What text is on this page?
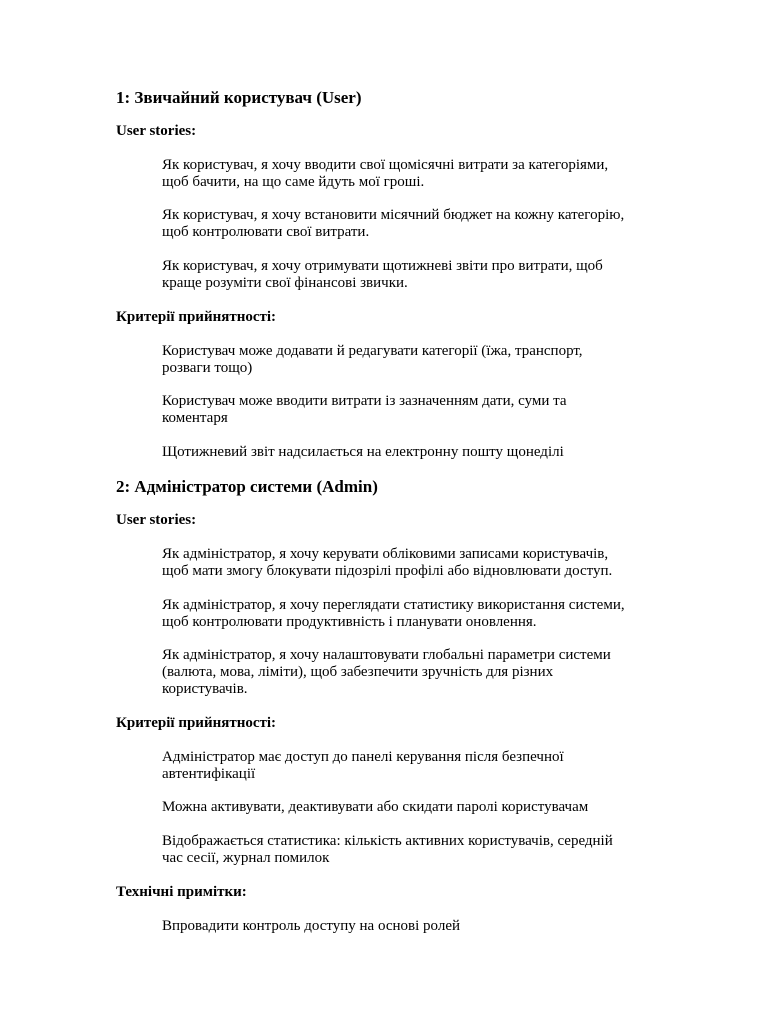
1: Звичайний користувач (User)
User stories:
Як користувач, я хочу вводити свої щомісячні витрати за категоріями,
щоб бачити, на що саме йдуть мої гроші.
Як користувач, я хочу встановити місячний бюджет на кожну категорію,
щоб контролювати свої витрати.
Як користувач, я хочу отримувати щотижневі звіти про витрати, щоб
краще розуміти свої фінансові звички.
Критерії прийнятності:
Користувач може додавати й редагувати категорії (їжа, транспорт,
розваги тощо)
Користувач може вводити витрати із зазначенням дати, суми та
коментаря
Щотижневий звіт надсилається на електронну пошту щонеділі
2: Адміністратор системи (Admin)
User stories:
Як адміністратор, я хочу керувати обліковими записами користувачів,
щоб мати змогу блокувати підозрілі профілі або відновлювати доступ.
Як адміністратор, я хочу переглядати статистику використання системи,
щоб контролювати продуктивність і планувати оновлення.
Як адміністратор, я хочу налаштовувати глобальні параметри системи
(валюта, мова, ліміти), щоб забезпечити зручність для різних
користувачів.
Критерії прийнятності:
Адміністратор має доступ до панелі керування після безпечної
автентифікації
Можна активувати, деактивувати або скидати паролі користувачам
Відображається статистика: кількість активних користувачів, середній
час сесії, журнал помилок
Технічні примітки:
Впровадити контроль доступу на основі ролей
